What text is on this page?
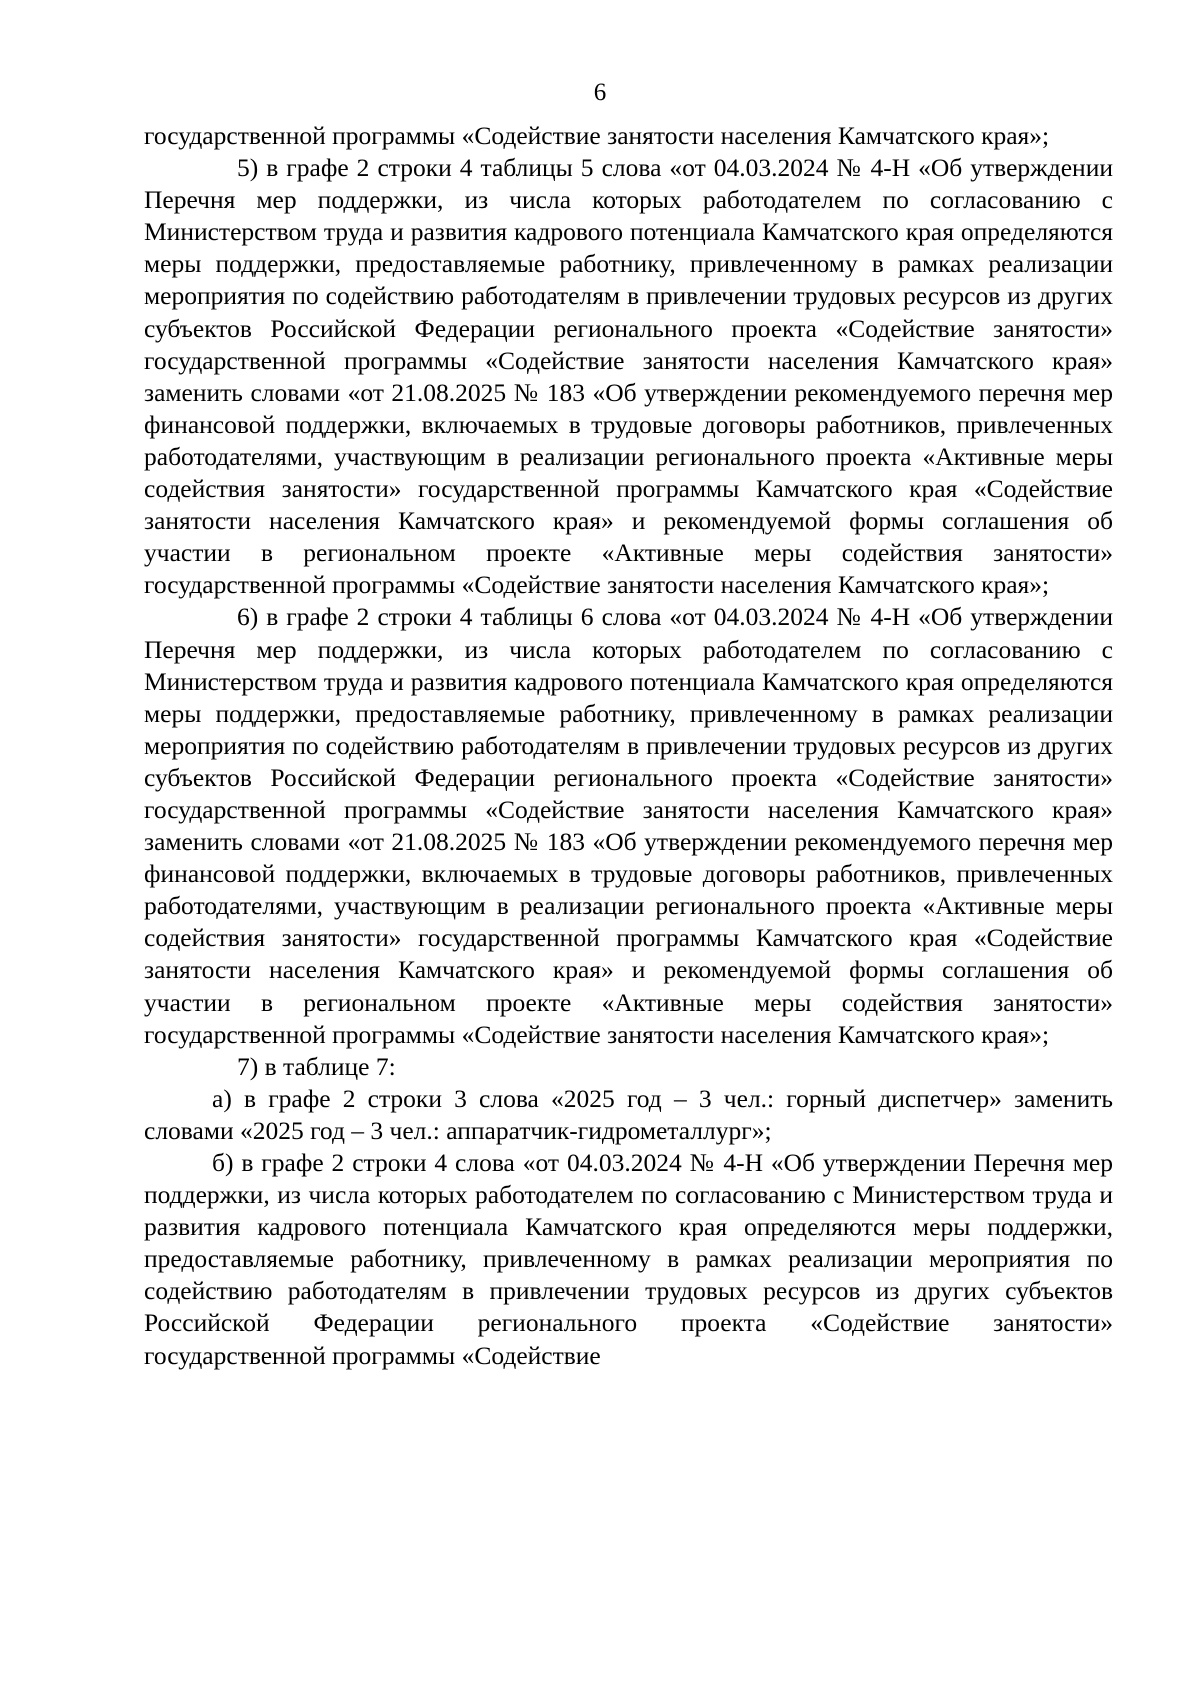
6

государственной программы «Содействие занятости населения Камчатского края»;

5) в графе 2 строки 4 таблицы 5 слова «от 04.03.2024 № 4-Н «Об утверждении Перечня мер поддержки, из числа которых работодателем по согласованию с Министерством труда и развития кадрового потенциала Камчатского края определяются меры поддержки, предоставляемые работнику, привлеченному в рамках реализации мероприятия по содействию работодателям в привлечении трудовых ресурсов из других субъектов Российской Федерации регионального проекта «Содействие занятости» государственной программы «Содействие занятости населения Камчатского края» заменить словами «от 21.08.2025 № 183 «Об утверждении рекомендуемого перечня мер финансовой поддержки, включаемых в трудовые договоры работников, привлеченных работодателями, участвующим в реализации регионального проекта «Активные меры содействия занятости» государственной программы Камчатского края «Содействие занятости населения Камчатского края» и рекомендуемой формы соглашения об участии в региональном проекте «Активные меры содействия занятости» государственной программы «Содействие занятости населения Камчатского края»;

6) в графе 2 строки 4 таблицы 6 слова «от 04.03.2024 № 4-Н «Об утверждении Перечня мер поддержки, из числа которых работодателем по согласованию с Министерством труда и развития кадрового потенциала Камчатского края определяются меры поддержки, предоставляемые работнику, привлеченному в рамках реализации мероприятия по содействию работодателям в привлечении трудовых ресурсов из других субъектов Российской Федерации регионального проекта «Содействие занятости» государственной программы «Содействие занятости населения Камчатского края» заменить словами «от 21.08.2025 № 183 «Об утверждении рекомендуемого перечня мер финансовой поддержки, включаемых в трудовые договоры работников, привлеченных работодателями, участвующим в реализации регионального проекта «Активные меры содействия занятости» государственной программы Камчатского края «Содействие занятости населения Камчатского края» и рекомендуемой формы соглашения об участии в региональном проекте «Активные меры содействия занятости» государственной программы «Содействие занятости населения Камчатского края»;

7) в таблице 7:

а) в графе 2 строки 3 слова «2025 год – 3 чел.: горный диспетчер» заменить словами «2025 год – 3 чел.: аппаратчик-гидрометаллург»;

б) в графе 2 строки 4 слова «от 04.03.2024 № 4-Н «Об утверждении Перечня мер поддержки, из числа которых работодателем по согласованию с Министерством труда и развития кадрового потенциала Камчатского края определяются меры поддержки, предоставляемые работнику, привлеченному в рамках реализации мероприятия по содействию работодателям в привлечении трудовых ресурсов из других субъектов Российской Федерации регионального проекта «Содействие занятости» государственной программы «Содействие
